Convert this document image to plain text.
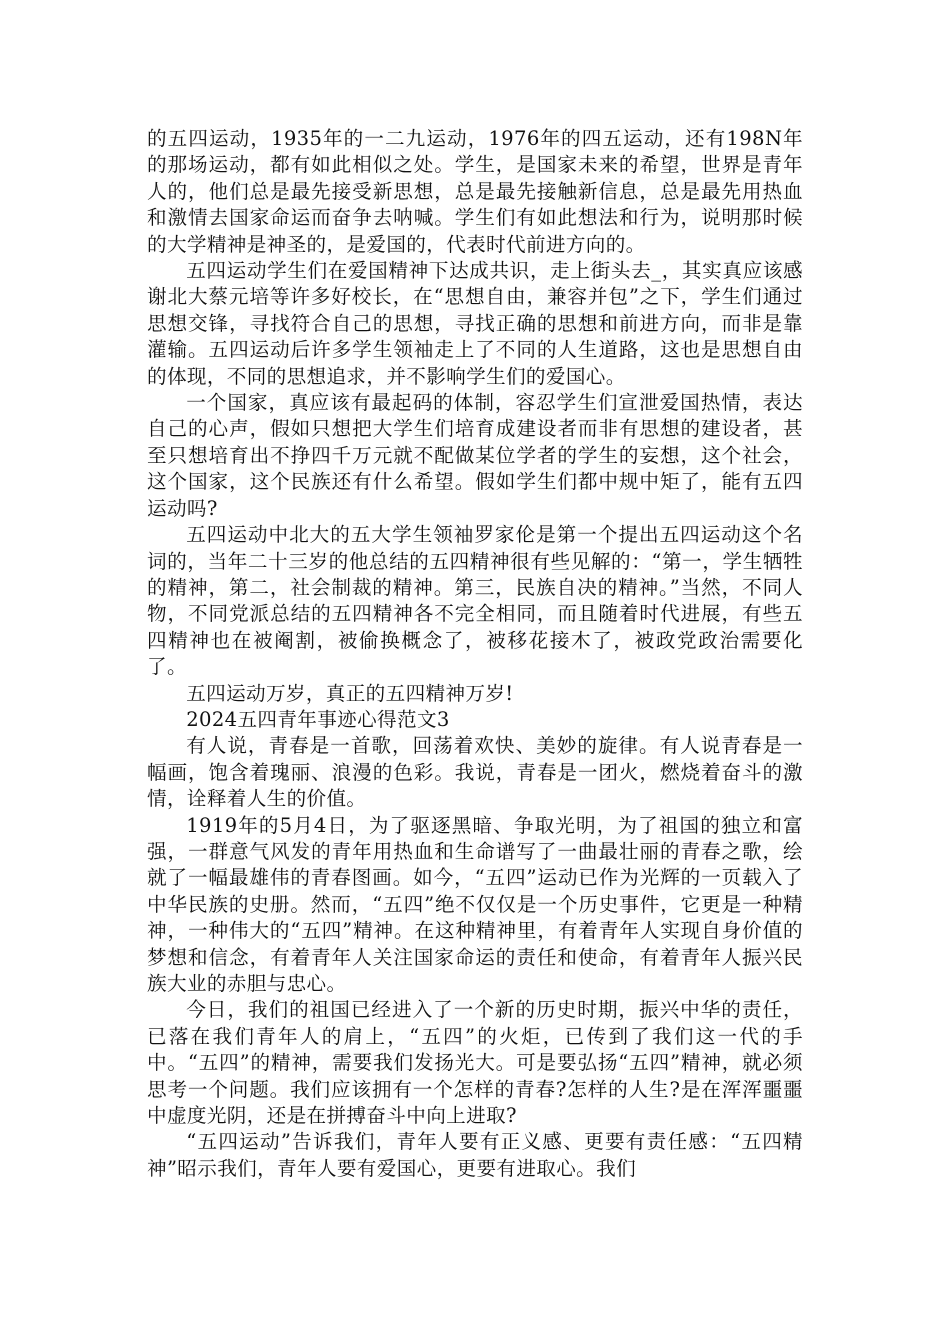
的五四运动，1935年的一二九运动，1976年的四五运动，还有198N年的那场运动，都有如此相似之处。学生，是国家未来的希望，世界是青年人的，他们总是最先接受新思想，总是最先接触新信息，总是最先用热血和激情去国家命运而奋争去呐喊。学生们有如此想法和行为，说明那时候的大学精神是神圣的，是爱国的，代表时代前进方向的。

五四运动学生们在爱国精神下达成共识，走上街头去_，其实真应该感谢北大蔡元培等许多好校长，在“思想自由，兼容并包”之下，学生们通过思想交锋，寻找符合自己的思想，寻找正确的思想和前进方向，而非是靠灌输。五四运动后许多学生领袖走上了不同的人生道路，这也是思想自由的体现，不同的思想追求，并不影响学生们的爱国心。

一个国家，真应该有最起码的体制，容忍学生们宣泄爱国热情，表达自己的心声，假如只想把大学生们培育成建设者而非有思想的建设者，甚至只想培育出不挣四千万元就不配做某位学者的学生的妄想，这个社会，这个国家，这个民族还有什么希望。假如学生们都中规中矩了，能有五四运动吗?

五四运动中北大的五大学生领袖罗家伦是第一个提出五四运动这个名词的，当年二十三岁的他总结的五四精神很有些见解的：“第一，学生牺牲的精神，第二，社会制裁的精神。第三，民族自决的精神。”当然，不同人物，不同党派总结的五四精神各不完全相同，而且随着时代进展，有些五四精神也在被阉割，被偷换概念了，被移花接木了，被政党政治需要化了。

五四运动万岁，真正的五四精神万岁!

2024五四青年事迹心得范文3

有人说，青春是一首歌，回荡着欢快、美妙的旋律。有人说青春是一幅画，饱含着瑰丽、浪漫的色彩。我说，青春是一团火，燃烧着奋斗的激情，诠释着人生的价值。

1919年的5月4日，为了驱逐黑暗、争取光明，为了祖国的独立和富强，一群意气风发的青年用热血和生命谱写了一曲最壮丽的青春之歌，绘就了一幅最雄伟的青春图画。如今，“五四”运动已作为光辉的一页载入了中华民族的史册。然而，“五四”绝不仅仅是一个历史事件，它更是一种精神，一种伟大的“五四”精神。在这种精神里，有着青年人实现自身价值的梦想和信念，有着青年人关注国家命运的责任和使命，有着青年人振兴民族大业的赤胆与忠心。

今日，我们的祖国已经进入了一个新的历史时期，振兴中华的责任，已落在我们青年人的肩上，“五四”的火炬，已传到了我们这一代的手中。“五四”的精神，需要我们发扬光大。可是要弘扬“五四”精神，就必须思考一个问题。我们应该拥有一个怎样的青春?怎样的人生?是在浑浑噩噩中虚度光阴，还是在拼搏奋斗中向上进取?

“五四运动”告诉我们，青年人要有正义感、更要有责任感：“五四精神”昭示我们，青年人要有爱国心，更要有进取心。我们
